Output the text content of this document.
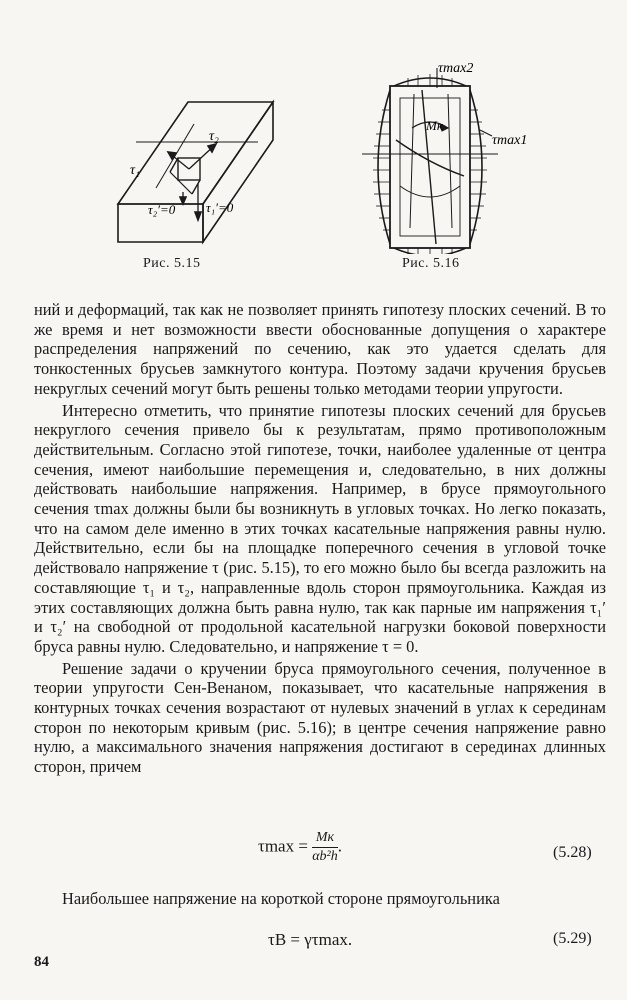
τ₂
τ₁
τ₂′=0 τ₁′=0
Рис. 5.15
τmax2
τmax1
Mк
Рис. 5.16

ний и деформаций, так как не позволяет принять гипотезу плоских сечений. В то же время и нет возможности ввести обоснованные допущения о характере распределения напряжений по сечению, как это удается сделать для тонкостенных брусьев замкнутого контура. Поэтому задачи кручения брусьев некруглых сечений могут быть решены только методами теории упругости.

Интересно отметить, что принятие гипотезы плоских сечений для брусьев некруглого сечения привело бы к результатам, прямо противоположным действительным. Согласно этой гипотезе, точки, наиболее удаленные от центра сечения, имеют наибольшие перемещения и, следовательно, в них должны действовать наибольшие напряжения. Например, в брусе прямоугольного сечения τmax должны были бы возникнуть в угловых точках. Но легко показать, что на самом деле именно в этих точках касательные напряжения равны нулю. Действительно, если бы на площадке поперечного сечения в угловой точке действовало напряжение τ (рис. 5.15), то его можно было бы всегда разложить на составляющие τ₁ и τ₂, направленные вдоль сторон прямоугольника. Каждая из этих составляющих должна быть равна нулю, так как парные им напряжения τ₁′ и τ₂′ на свободной от продольной касательной нагрузки боковой поверхности бруса равны нулю. Следовательно, и напряжение τ = 0.

Решение задачи о кручении бруса прямоугольного сечения, полученное в теории упругости Сен-Венаном, показывает, что касательные напряжения в контурных точках сечения возрастают от нулевых значений в углах к серединам сторон по некоторым кривым (рис. 5.16); в центре сечения напряжение равно нулю, а максимального значения напряжения достигают в серединах длинных сторон, причем

$\tau\max = \frac{Mк}{\text{αb²h}}$ .	(5.28)

Наибольшее напряжение на короткой стороне прямоугольника

τB = γτmax.	(5.29)
84
